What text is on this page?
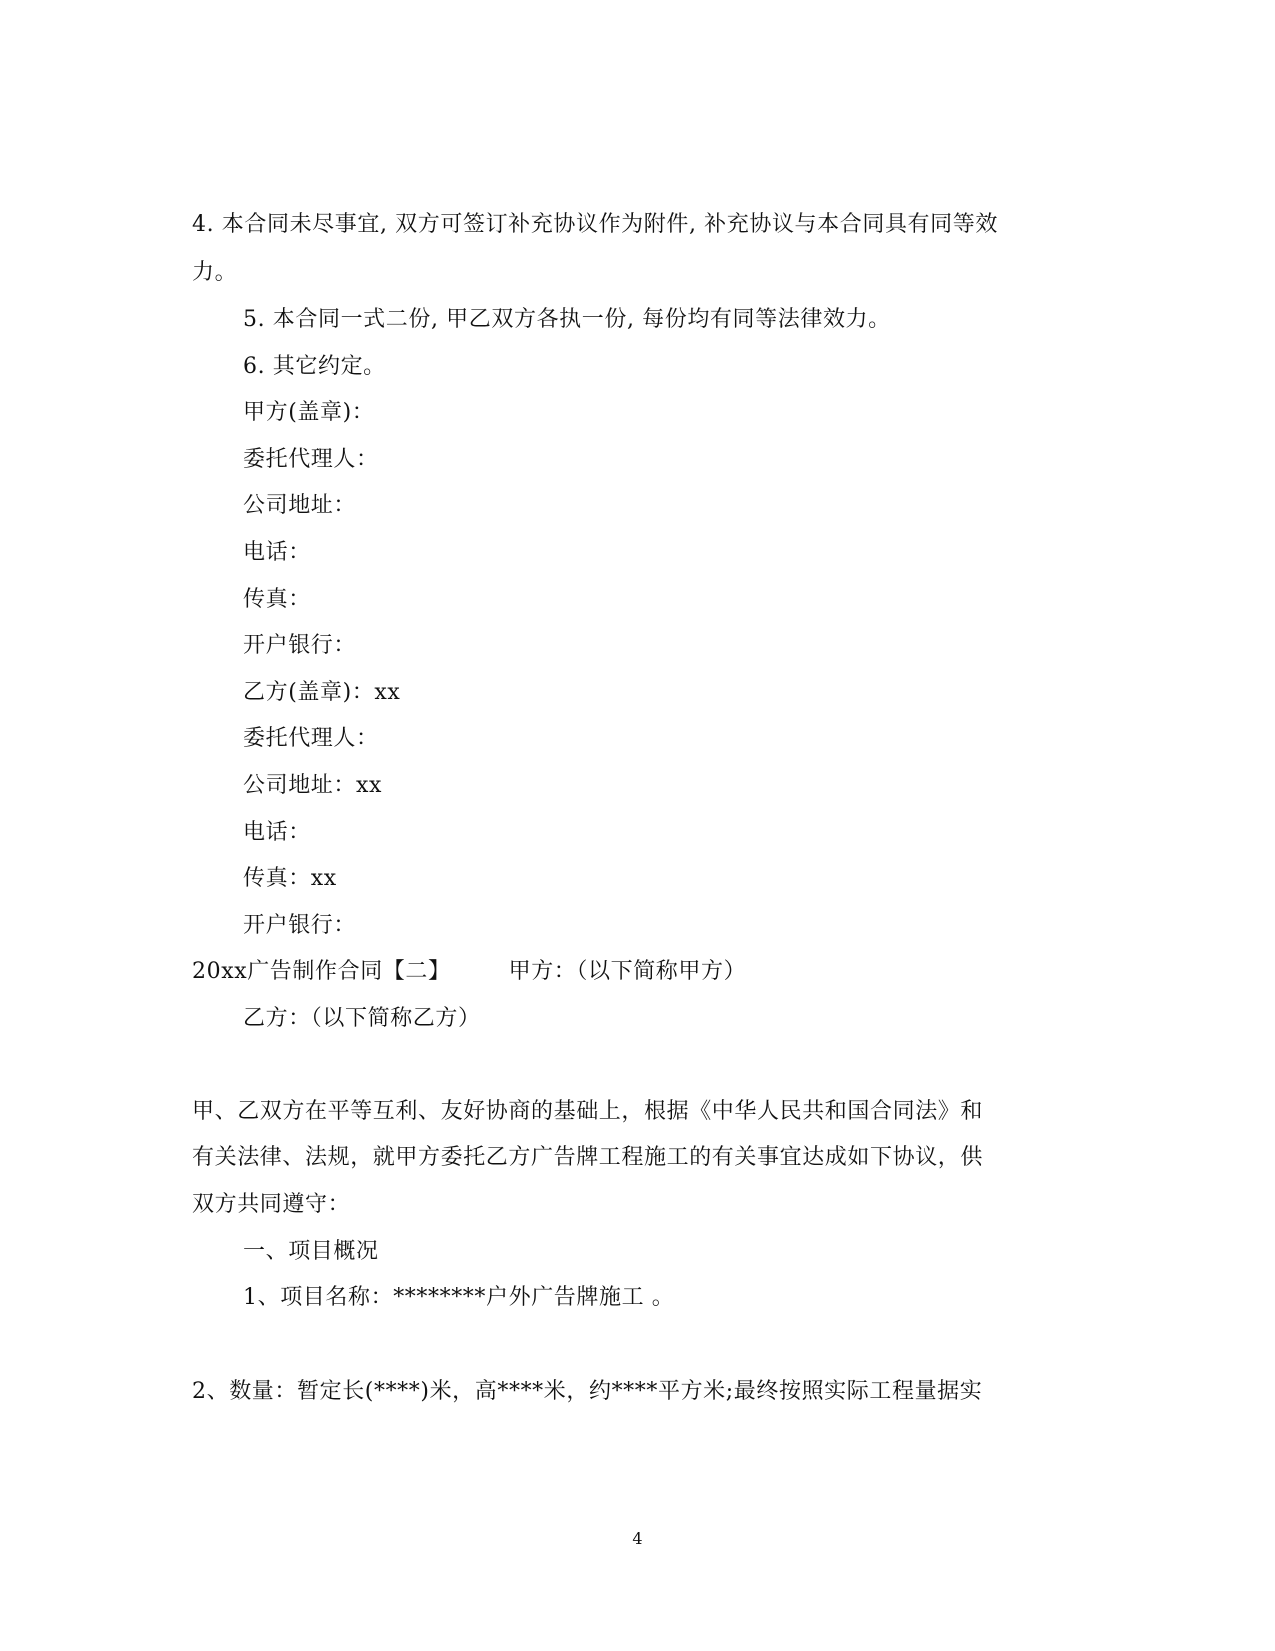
4. 本合同未尽事宜, 双方可签订补充协议作为附件, 补充协议与本合同具有同等效
力。
5. 本合同一式二份, 甲乙双方各执一份, 每份均有同等法律效力。
6. 其它约定。
甲方(盖章)：
委托代理人：
公司地址：
电话：
传真：
开户银行：
乙方(盖章)：xx
委托代理人：
公司地址：xx
电话：
传真：xx
开户银行：
20xx广告制作合同【二】	甲方：（以下简称甲方）
乙方：（以下简称乙方）
甲、乙双方在平等互利、友好协商的基础上，根据《中华人民共和国合同法》和
有关法律、法规，就甲方委托乙方广告牌工程施工的有关事宜达成如下协议，供
双方共同遵守：
一、项目概况
1、项目名称：********户外广告牌施工 。
2、数量：暂定长(****)米，高****米，约****平方米;最终按照实际工程量据实
4
